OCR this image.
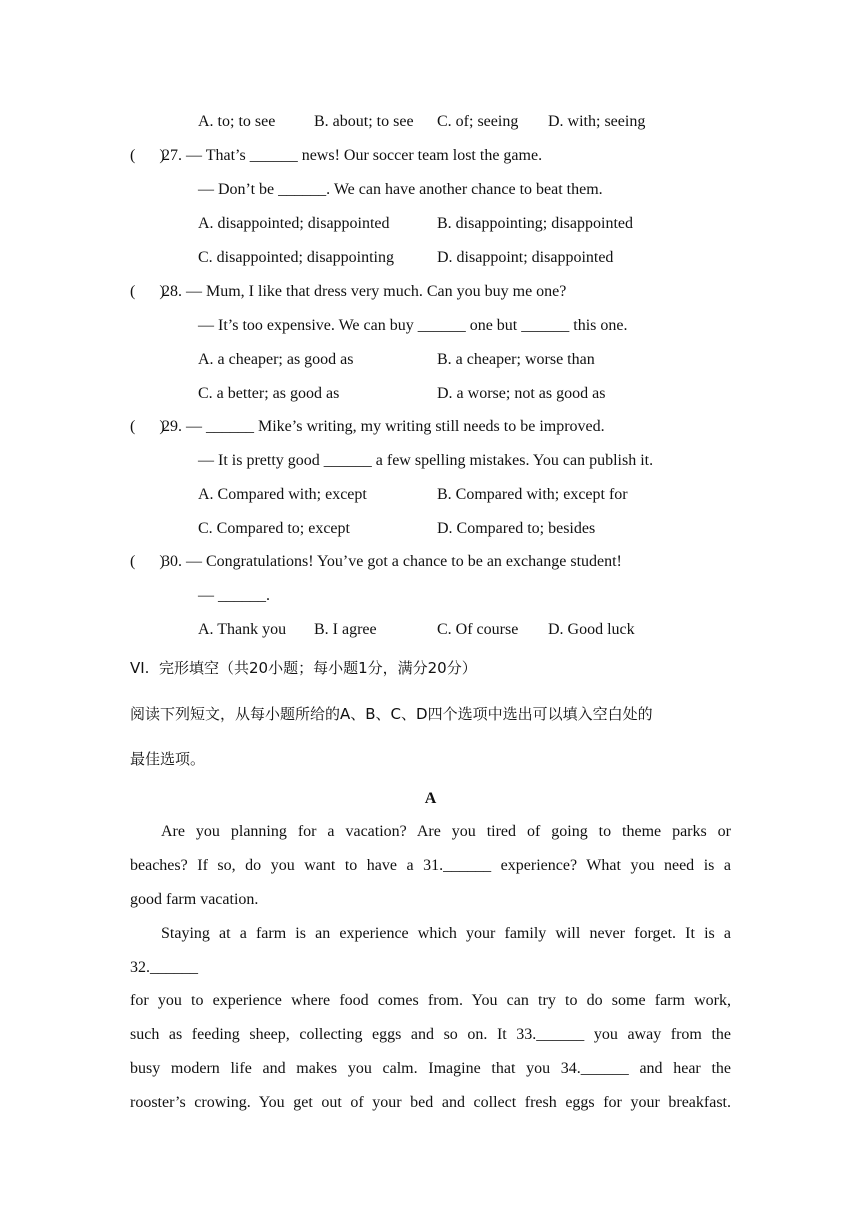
A. to; to see B. about; to see C. of; seeing D. with; seeing
(      )
27. — That’s ______ news! Our soccer team lost the game.
— Don’t be ______. We can have another chance to beat them.
A. disappointed; disappointed	B. disappointing; disappointed
C. disappointed; disappointing	D. disappoint; disappointed
(      )
28. — Mum, I like that dress very much. Can you buy me one?
— It’s too expensive. We can buy ______ one but ______ this one.
A. a cheaper; as good as	B. a cheaper; worse than
C. a better; as good as	D. a worse; not as good as
(      )
29. — ______ Mike’s writing, my writing still needs to be improved.
— It is pretty good ______ a few spelling mistakes. You can publish it.
A. Compared with; except	B. Compared with; except for
C. Compared to; except	D. Compared to; besides
(      )
30. — Congratulations! You’ve got a chance to be an exchange student!
— ______.
A. Thank you B. I agree	C. Of course D. Good luck
VI.  完形填空（共20小题；每小题1分，满分20分）
阅读下列短文，从每小题所给的A、B、C、D四个选项中选出可以填入空白处的
最佳选项。
A
Are you planning for a vacation? Are you tired of going to theme parks or
beaches? If so, do you want to have a 31.______ experience? What you need is a
good farm vacation.
Staying at a farm is an experience which your family will never forget. It is a
32.______
for you to experience where food comes from. You can try to do some farm work,
such as feeding sheep, collecting eggs and so on. It 33.______ you away from the
busy modern life and makes you calm. Imagine that you 34.______ and hear the
rooster’s crowing. You get out of your bed and collect fresh eggs for your breakfast.
